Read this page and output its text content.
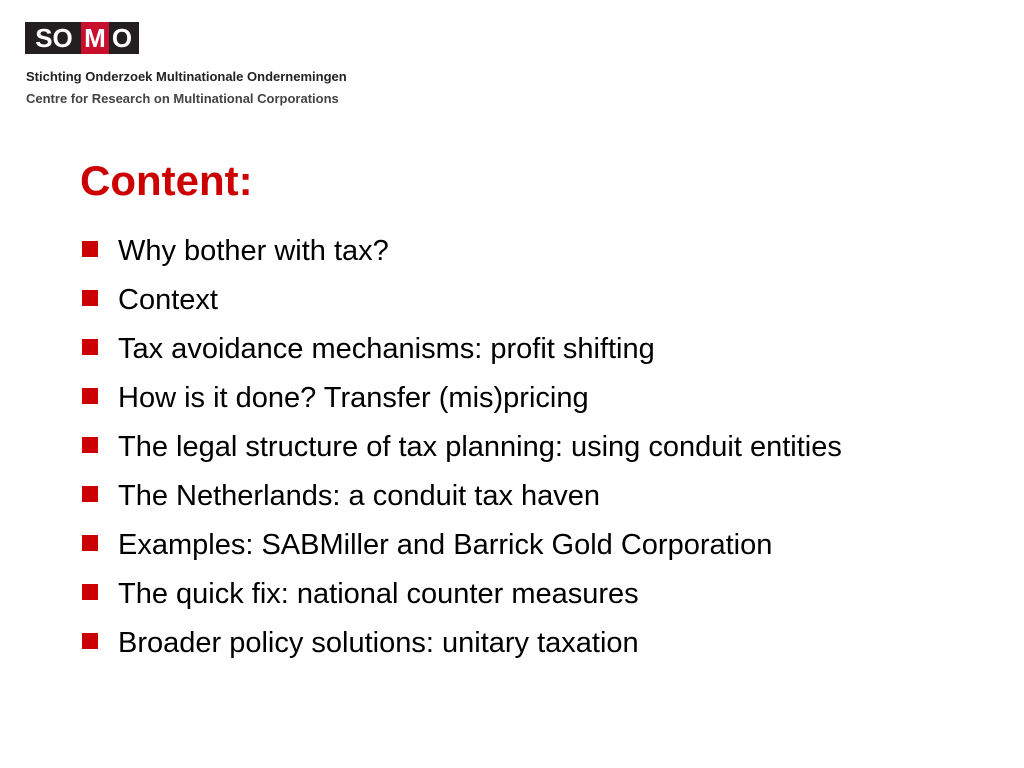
SO M O
Stichting Onderzoek Multinationale Ondernemingen
Centre for Research on Multinational Corporations
Content:
Why bother with tax?
Context
Tax avoidance mechanisms: profit shifting
How is it done? Transfer (mis)pricing
The legal structure of tax planning: using conduit entities
The Netherlands: a conduit tax haven
Examples: SABMiller and Barrick Gold Corporation
The quick fix: national counter measures
Broader policy solutions: unitary taxation
